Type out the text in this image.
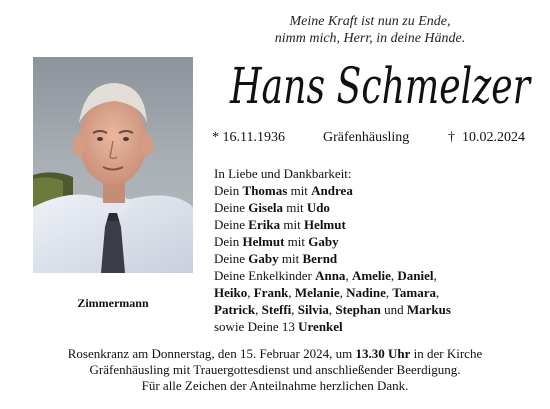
Meine Kraft ist nun zu Ende,
nimm mich, Herr, in deine Hände.
Hans Schmelzer
* 16.11.1936	Gräfenhäusling	† 10.02.2024
Zimmermann
In Liebe und Dankbarkeit:
Dein Thomas mit Andrea
Deine Gisela mit Udo
Deine Erika mit Helmut
Dein Helmut mit Gaby
Deine Gaby mit Bernd
Deine Enkelkinder Anna, Amelie, Daniel,
Heiko, Frank, Melanie, Nadine, Tamara,
Patrick, Steffi, Silvia, Stephan und Markus
sowie Deine 13 Urenkel
Rosenkranz am Donnerstag, den 15. Februar 2024, um 13.30 Uhr in der Kirche
Gräfenhäusling mit Trauergottesdienst und anschließender Beerdigung.
Für alle Zeichen der Anteilnahme herzlichen Dank.
